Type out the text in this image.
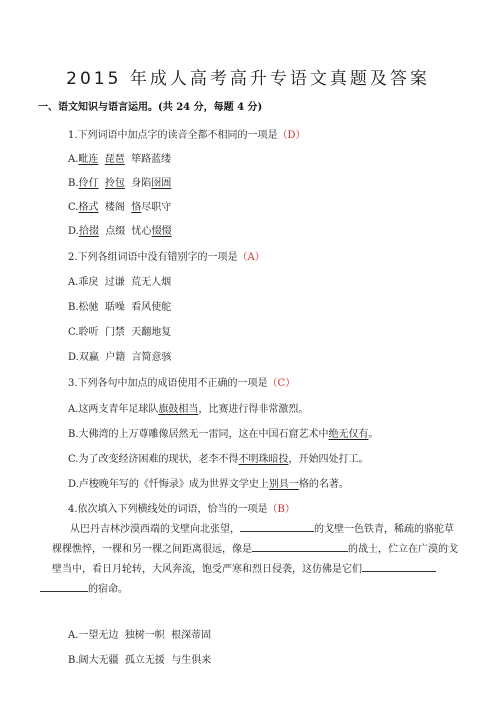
2015 年成人高考高升专语文真题及答案
一、语文知识与语言运用。(共 24 分，每题 4 分)
1.下列词语中加点字的读音全都不相同的一项是（D）
A.毗连 琵琶 筚路蓝缕
B.伶仃 拎包  身陷囹圄
C.格式  楼阁  恪尽职守
D.拾掇  点缀  忧心惙惙
2.下列各组词语中没有错别字的一项是（A）
A.乖戾  过谦  荒无人烟
B.松驰  聒噪  看风使舵
C.聆听  门禁  天翻地复
D.双赢  户籍  言简意骇
3.下列各句中加点的成语使用不正确的一项是（C）
A.这两支青年足球队旗鼓相当，比赛进行得非常激烈。
B.大佛湾的上万尊雕像居然无一雷同，这在中国石窟艺术中绝无仅有。
C.为了改变经济困难的现状，老李不得不明珠暗投，开始四处打工。
D.卢梭晚年写的《忏悔录》成为世界文学史上别具一格的名著。
4.依次填入下列横线处的词语，恰当的一项是（B）
从巴丹吉林沙漠西端的戈壁向北张望，	的戈壁一色铁青，稀疏的骆驼草棵棵憔悴，一棵和另一棵之间距离很远，像是	的战士，伫立在广漠的戈壁当中，看日月轮转，大风奔流，饱受严寒和烈日侵袭，这仿佛是它们的宿命。
A.一望无边  独树一帜  根深蒂固
B.阔大无疆  孤立无援  与生俱来
